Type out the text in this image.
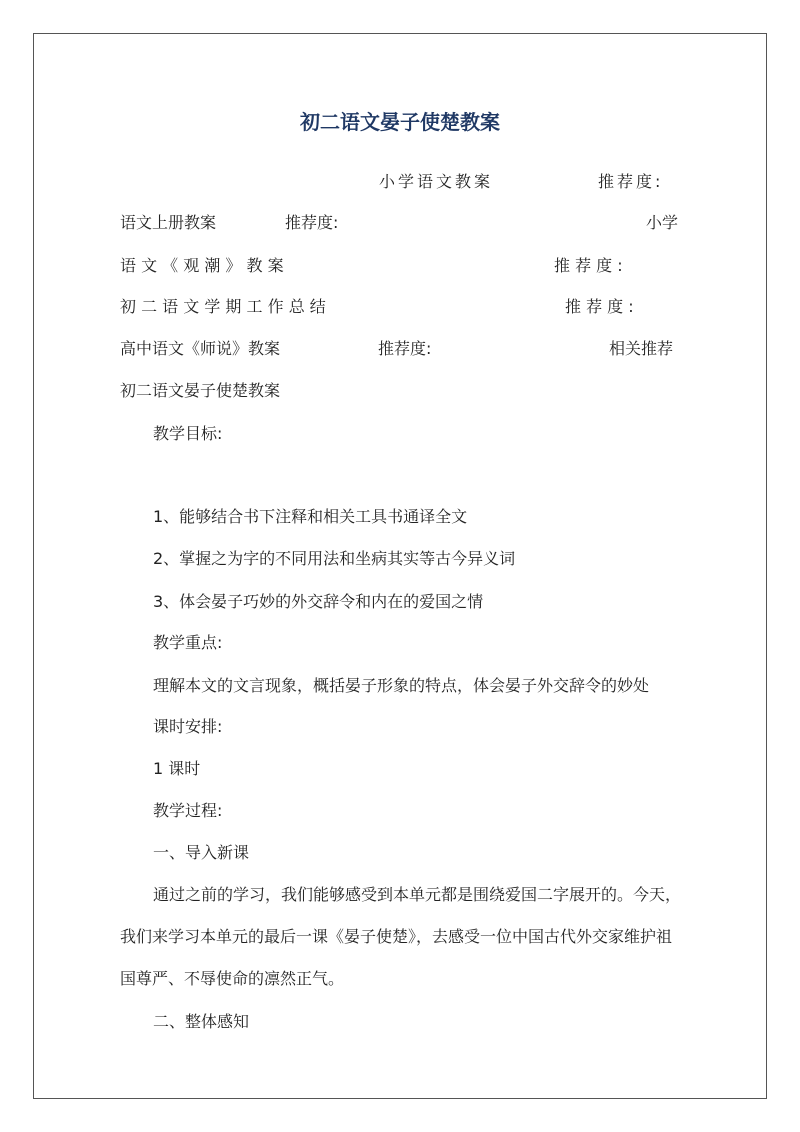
初二语文晏子使楚教案
小学语文教案	推荐度:
语文上册教案	推荐度:	小学
语 文 《 观 潮 》 教 案	推 荐 度 :
初 二 语 文 学 期 工 作 总 结	推 荐 度 :
高中语文《师说》教案	推荐度:	相关推荐
初二语文晏子使楚教案
教学目标:
1、能够结合书下注释和相关工具书通译全文
2、掌握之为字的不同用法和坐病其实等古今异义词
3、体会晏子巧妙的外交辞令和内在的爱国之情
教学重点:
理解本文的文言现象，概括晏子形象的特点，体会晏子外交辞令的妙处
课时安排:
1 课时
教学过程:
一、导入新课
通过之前的学习，我们能够感受到本单元都是围绕爱国二字展开的。今天，
我们来学习本单元的最后一课《晏子使楚》，去感受一位中国古代外交家维护祖
国尊严、不辱使命的凛然正气。
二、整体感知
